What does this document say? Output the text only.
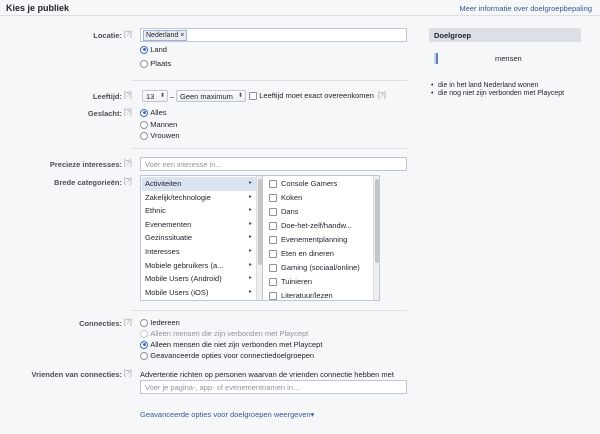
Kies je publiek	Meer informatie over doelgroepbepaling
Locatie: [?]	Nederland ×
Land
Plaats
Leeftijd: [?]	13 ⬍ – Geen maximum ⬍	Leeftijd moet exact overeenkomen [?]
Geslacht: [?]	Alles
Mannen
Vrouwen
Precieze interesses: [?]	Voer een interesse in...
Brede categorieën: [?]	Activiteiten	▸
Zakelijk/technologie	▸
Ethnic	▸
Evenementen	▸
Gezinssituatie	▸
Interesses	▸
Mobiele gebruikers (a...	▸
Mobile Users (Android)	▸
Mobile Users (iOS)	▸
Console Gamers
Koken
Dans
Doe-het-zelf/handw...
Evenementplanning
Eten en dineren
Gaming (sociaal/online)
Tuinieren
Literatuur/lezen
Connecties: [?]	Iedereen
Alleen mensen die zijn verbonden met Playcept
Alleen mensen die niet zijn verbonden met Playcept
Geavanceerde opties voor connectiedoelgroepen
Vrienden van connecties: [?] Advertentie richten op personen waarvan de vrienden connectie hebben met
Voer je pagina-, app- of evenementnamen in...
Geavanceerde opties voor doelgroepen weergeven▾
Doelgroep
mensen
• die in het land Nederland wonen
• die nog niet zijn verbonden met Playcept
